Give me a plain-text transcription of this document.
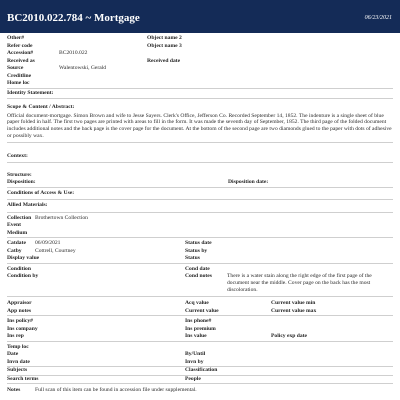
BC2010.022.784 ~ Mortgage	06/23/2021
Other#	Object name 2
Refer code	Object name 3
Accession#	BC2010.022
Received as	Received date
Source	Walentowski, Gerald
Creditline
Home loc
Identity Statement:
Scope & Content / Abstract:
Official document-mortgage. Simon Brown and wife to Jesse Sayers. Clerk's Office, Jefferson Co. Recorded September 14, 1852. The indenture is a single sheet of blue paper folded in half. The first two pages are printed with areas to fill in the form. It was made the seventh day of September, 1852. The third page of the folded document includes additional notes and the back page is the cover page for the document. At the bottom of the second page are two diamonds glued to the paper with dots of adhesive or possibly wax.
Context:
Structure:
Disposition:	Disposition date:
Conditions of Access & Use:
Allied Materials:
Collection Brothertown Collection
Event
Medium
Catdate	06/09/2021	Status date
Catby	Cottrell, Courtney	Status by
Display value	Status
Condition	Cond date
Condition by	Cond notes	There is a water stain along the right edge of the first page of the document near the middle. Cover page on the back has the most discoloration.
Appraisor	Acq value	Current value min
App notes	Current value	Current value max
Ins policy#	Ins phone#
Ins company	Ins premium
Ins rep	Ins value	Policy exp date
Temp loc
Date	By/Until
Invn date	Invn by
Subjects	Classification
Search terms	People
Notes	Full scan of this item can be found in accession file under supplemental.
